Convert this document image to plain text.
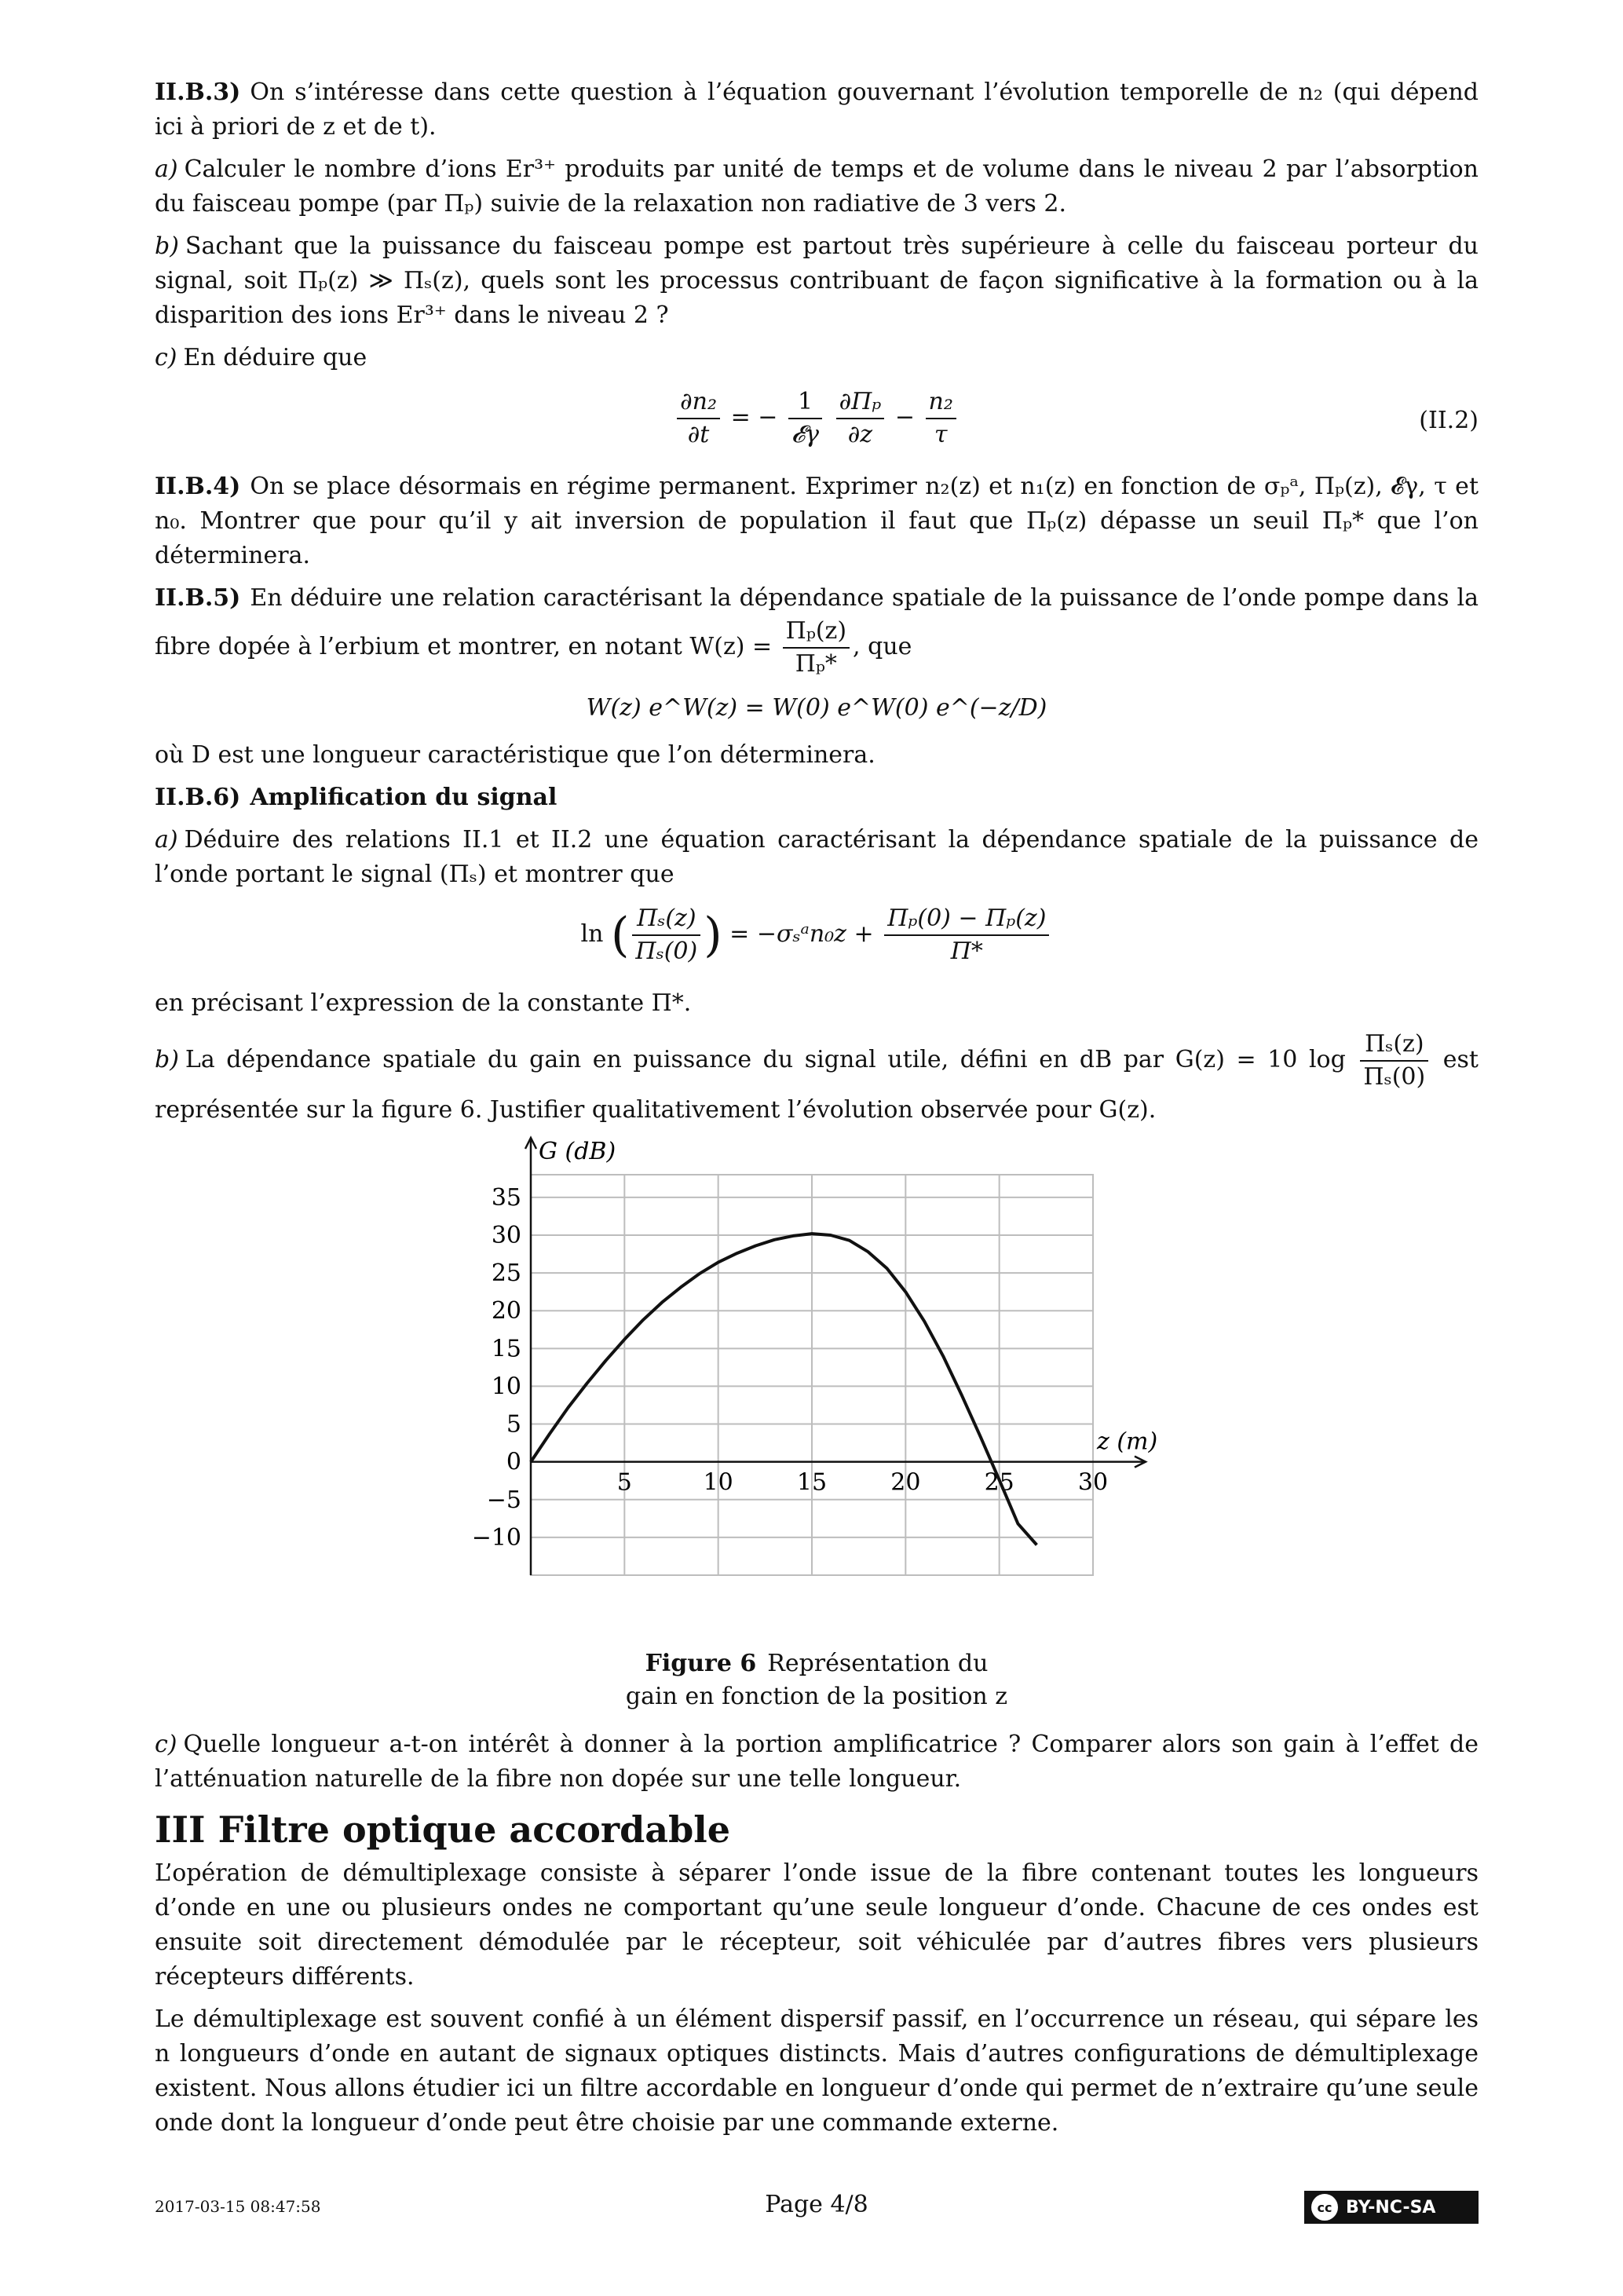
II.B.3) On s’intéresse dans cette question à l’équation gouvernant l’évolution temporelle de n₂ (qui dépend ici à priori de z et de t).

a) Calculer le nombre d’ions Er³⁺ produits par unité de temps et de volume dans le niveau 2 par l’absorption du faisceau pompe (par Πₚ) suivie de la relaxation non radiative de 3 vers 2.

b) Sachant que la puissance du faisceau pompe est partout très supérieure à celle du faisceau porteur du signal, soit Πₚ(z) ≫ Πₛ(z), quels sont les processus contribuant de façon significative à la formation ou à la disparition des ions Er³⁺ dans le niveau 2 ?

c) En déduire que

$\frac{\text{∂n₂}}{\partial t}$ = − $\frac{1}{\text{𝓔γ}}$
$\frac{\text{∂Πₚ}}{\partial z} - \frac{\text{n₂}}{\tau}$	(II.2)

II.B.4) On se place désormais en régime permanent. Exprimer n₂(z) et n₁(z) en fonction de σₚᵃ, Πₚ(z), 𝓔γ, τ et n₀. Montrer que pour qu’il y ait inversion de population il faut que Πₚ(z) dépasse un seuil Πₚ* que l’on déterminera.

II.B.5) En déduire une relation caractérisant la dépendance spatiale de la puissance de l’onde pompe dans la fibre dopée à l’erbium et montrer, en notant $W(z) = \frac{\text{Πₚ(z)}}{\text{Πₚ*}}$ , que

W(z) e^W(z) = W(0) e^W(0) e^(−z/D)

où D est une longueur caractéristique que l’on déterminera.

II.B.6) Amplification du signal

a) Déduire des relations II.1 et II.2 une équation caractérisant la dépendance spatiale de la puissance de l’onde portant le signal (Πₛ) et montrer que

ln ( $\frac{\text{Πₛ(z)}}{\text{Πₛ(0)}}$ ) = −σₛᵃn₀z + $\frac{\text{Πₚ(0) − Πₚ(z)}}{\Pi*}$

en précisant l’expression de la constante Π*.

b) La dépendance spatiale du gain en puissance du signal utile, défini en dB par G(z) = 10 $\log \frac{\text{Πₛ(z)}}{\text{Πₛ(0)}}$ est représentée sur la figure 6. Justifier qualitativement l’évolution observée pour G(z).

5	10	15	20	25	30
−10
−5
0
5
10
15
20
25
30
35
G (dB)
z (m)
Figure 6 Représentation du
gain en fonction de la position z

c) Quelle longueur a-t-on intérêt à donner à la portion amplificatrice ? Comparer alors son gain à l’effet de l’atténuation naturelle de la fibre non dopée sur une telle longueur.

III Filtre optique accordable

L’opération de démultiplexage consiste à séparer l’onde issue de la fibre contenant toutes les longueurs d’onde en une ou plusieurs ondes ne comportant qu’une seule longueur d’onde. Chacune de ces ondes est ensuite soit directement démodulée par le récepteur, soit véhiculée par d’autres fibres vers plusieurs récepteurs différents.

Le démultiplexage est souvent confié à un élément dispersif passif, en l’occurrence un réseau, qui sépare les n longueurs d’onde en autant de signaux optiques distincts. Mais d’autres configurations de démultiplexage existent. Nous allons étudier ici un filtre accordable en longueur d’onde qui permet de n’extraire qu’une seule onde dont la longueur d’onde peut être choisie par une commande externe.

2017-03-15 08:47:58	Page 4/8	cc BY-NC-SA
